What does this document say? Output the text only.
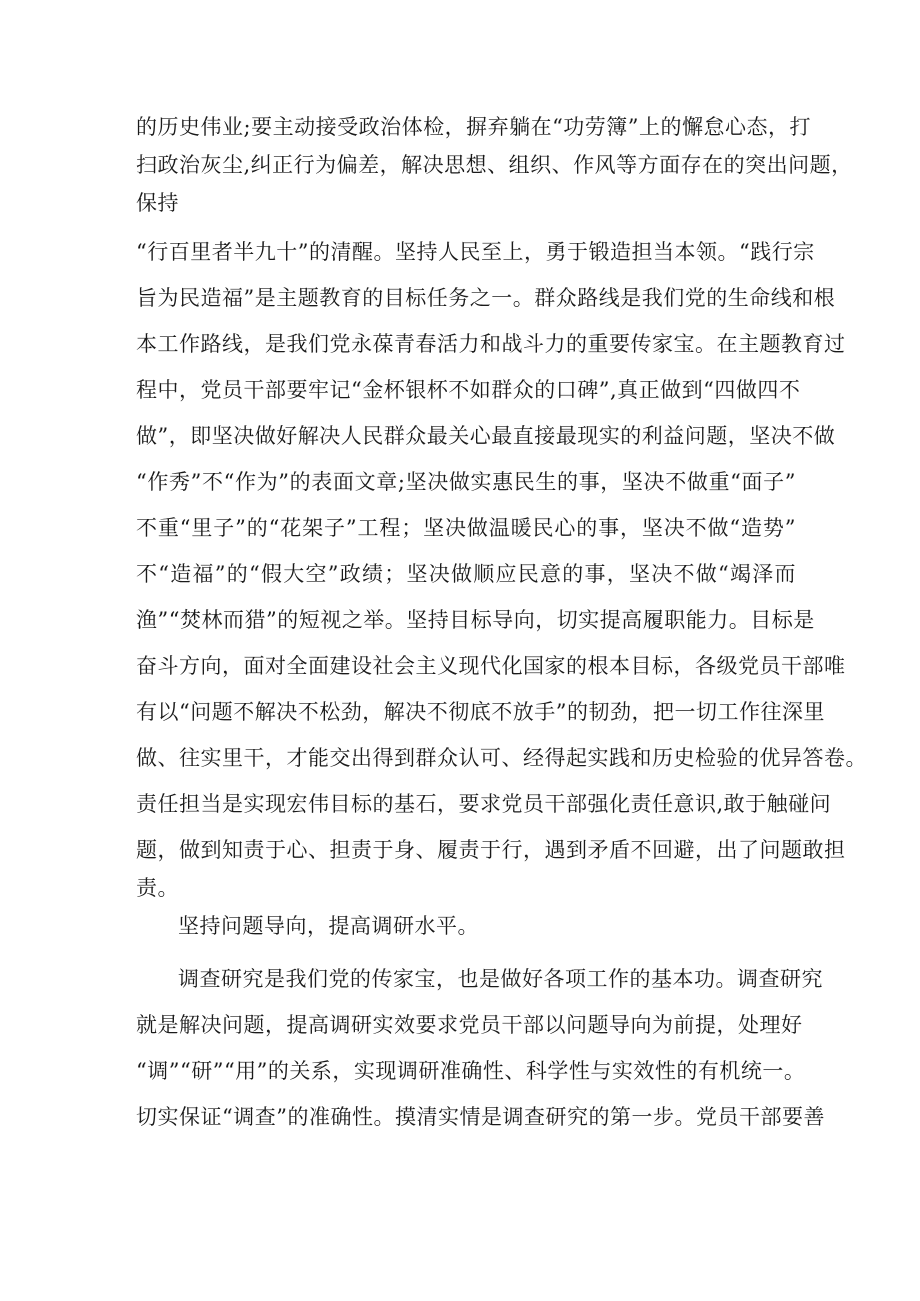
的历史伟业;要主动接受政治体检，摒弃躺在“功劳簿”上的懈怠心态，打
扫政治灰尘,纠正行为偏差，解决思想、组织、作风等方面存在的突出问题，
保持
“行百里者半九十”的清醒。坚持人民至上，勇于锻造担当本领。“践行宗
旨为民造福”是主题教育的目标任务之一。群众路线是我们党的生命线和根
本工作路线，是我们党永葆青春活力和战斗力的重要传家宝。在主题教育过
程中，党员干部要牢记“金杯银杯不如群众的口碑”,真正做到“四做四不
做”，即坚决做好解决人民群众最关心最直接最现实的利益问题，坚决不做
“作秀”不“作为”的表面文章;坚决做实惠民生的事，坚决不做重“面子”
不重“里子”的“花架子”工程；坚决做温暖民心的事，坚决不做“造势”
不“造福”的“假大空”政绩；坚决做顺应民意的事，坚决不做“竭泽而
渔”“焚林而猎”的短视之举。坚持目标导向，切实提高履职能力。目标是
奋斗方向，面对全面建设社会主义现代化国家的根本目标，各级党员干部唯
有以“问题不解决不松劲，解决不彻底不放手”的韧劲，把一切工作往深里
做、往实里干，才能交出得到群众认可、经得起实践和历史检验的优异答卷。
责任担当是实现宏伟目标的基石，要求党员干部强化责任意识,敢于触碰问
题，做到知责于心、担责于身、履责于行，遇到矛盾不回避，出了问题敢担
责。
坚持问题导向，提高调研水平。
调查研究是我们党的传家宝，也是做好各项工作的基本功。调查研究
就是解决问题，提高调研实效要求党员干部以问题导向为前提，处理好
“调”“研”“用”的关系，实现调研准确性、科学性与实效性的有机统一。
切实保证“调查”的准确性。摸清实情是调查研究的第一步。党员干部要善
